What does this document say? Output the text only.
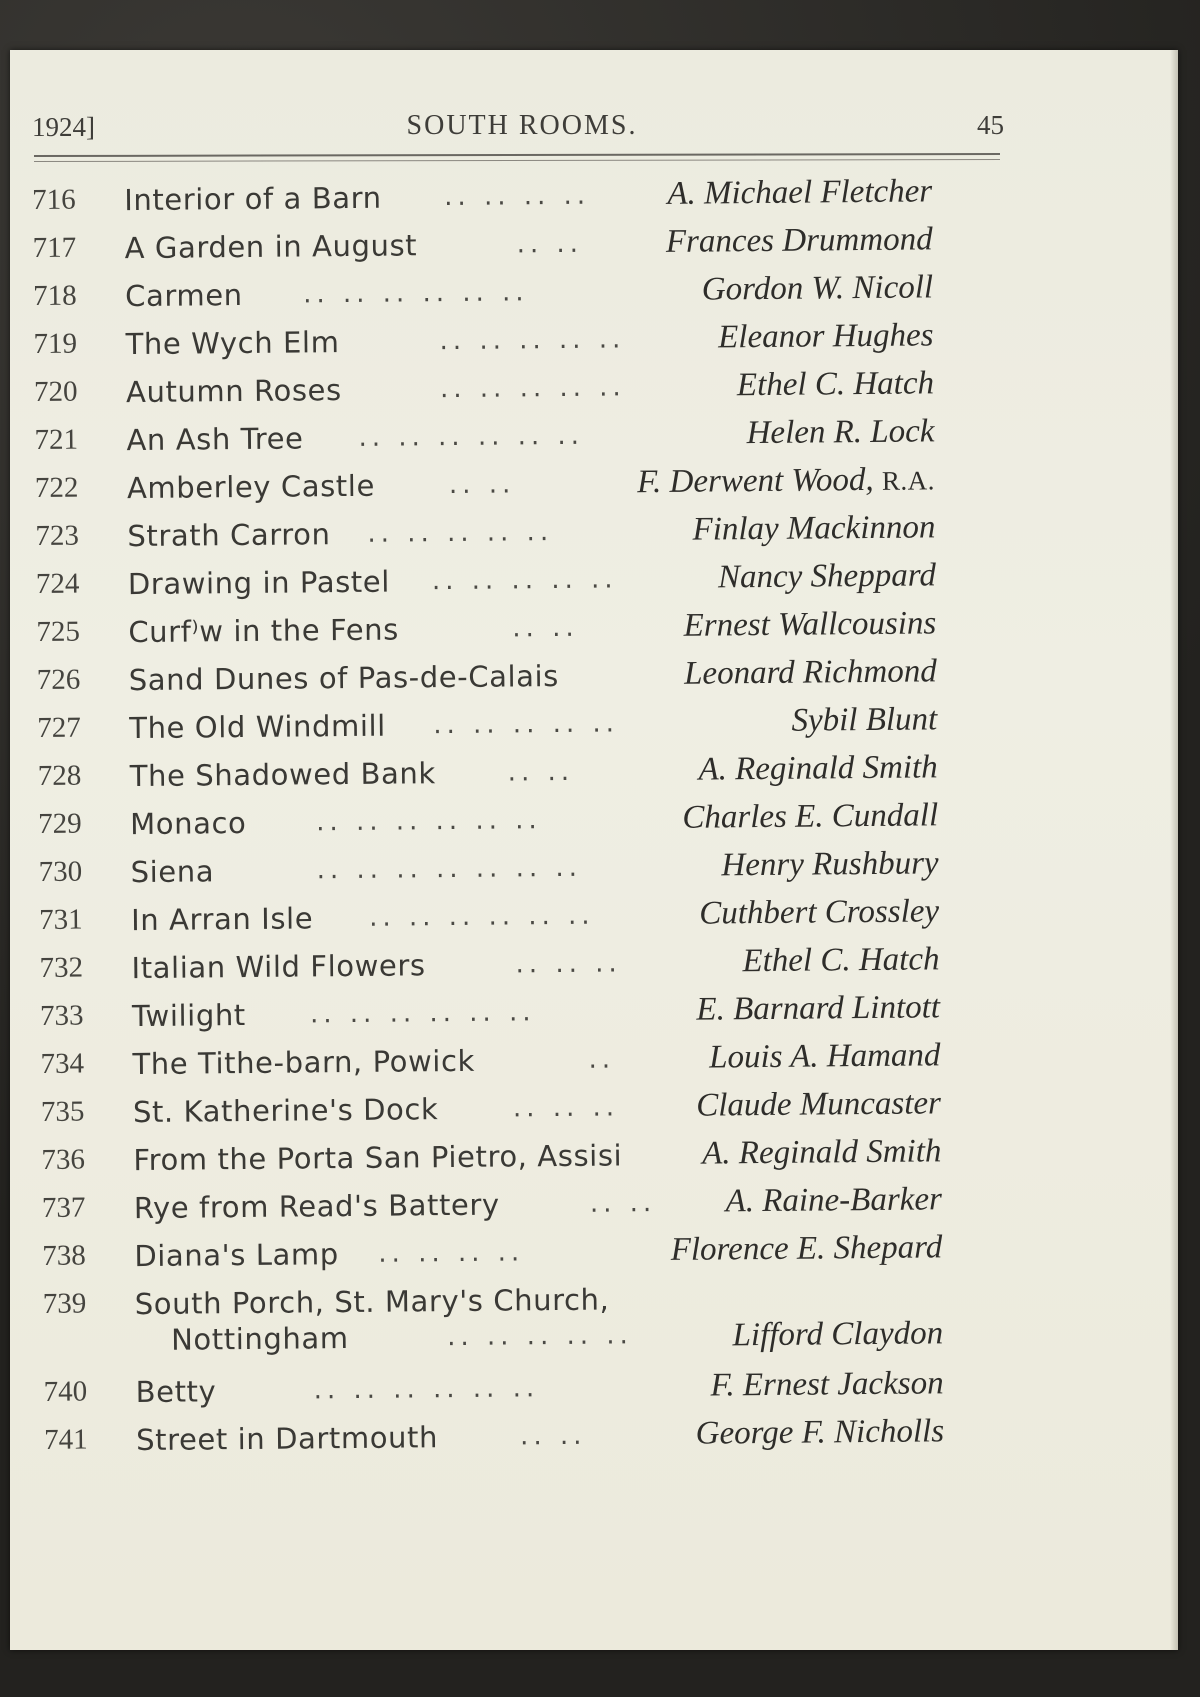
1924]	SOUTH ROOMS.	45
716 Interior of a Barn .. .. .. .. A. Michael Fletcher
717 A Garden in August	.. ..	Frances Drummond
718 Carmen .. .. .. .. .. ..	Gordon W. Nicoll
719 The Wych Elm	.. .. .. .. ..	Eleanor Hughes
720 Autumn Roses	.. .. .. .. ..	Ethel C. Hatch
721 An Ash Tree .. .. .. .. .. ..	Helen R. Lock
722 Amberley Castle	.. ..	F. Derwent Wood, R.A.
723 Strath Carron .. .. .. .. ..	Finlay Mackinnon
724 Drawing in Pastel .. .. .. .. ..	Nancy Sheppard
725 Curf⁾w in the Fens	.. ..	Ernest Wallcousins
726 Sand Dunes of Pas-de-Calais	Leonard Richmond
727 The Old Windmill .. .. .. .. ..	Sybil Blunt
728 The Shadowed Bank	.. ..	A. Reginald Smith
729 Monaco	.. .. .. .. .. ..	Charles E. Cundall
730 Siena	.. .. .. .. .. .. ..	Henry Rushbury
731 In Arran Isle .. .. .. .. .. ..	Cuthbert Crossley
732 Italian Wild Flowers	.. .. ..	Ethel C. Hatch
733 Twilight .. .. .. .. .. ..	E. Barnard Lintott
734 The Tithe-barn, Powick	..	Louis A. Hamand
735 St. Katherine's Dock	.. .. .. Claude Muncaster
736 From the Porta San Pietro, Assisi A. Reginald Smith
737 Rye from Read's Battery	.. .. A. Raine-Barker
738 Diana's Lamp .. .. .. ..	Florence E. Shepard
739 South Porch, St. Mary's Church,
Nottingham	.. .. .. .. ..	Lifford Claydon
740 Betty	.. .. .. .. .. ..	F. Ernest Jackson
741 Street in Dartmouth	.. ..	George F. Nicholls
